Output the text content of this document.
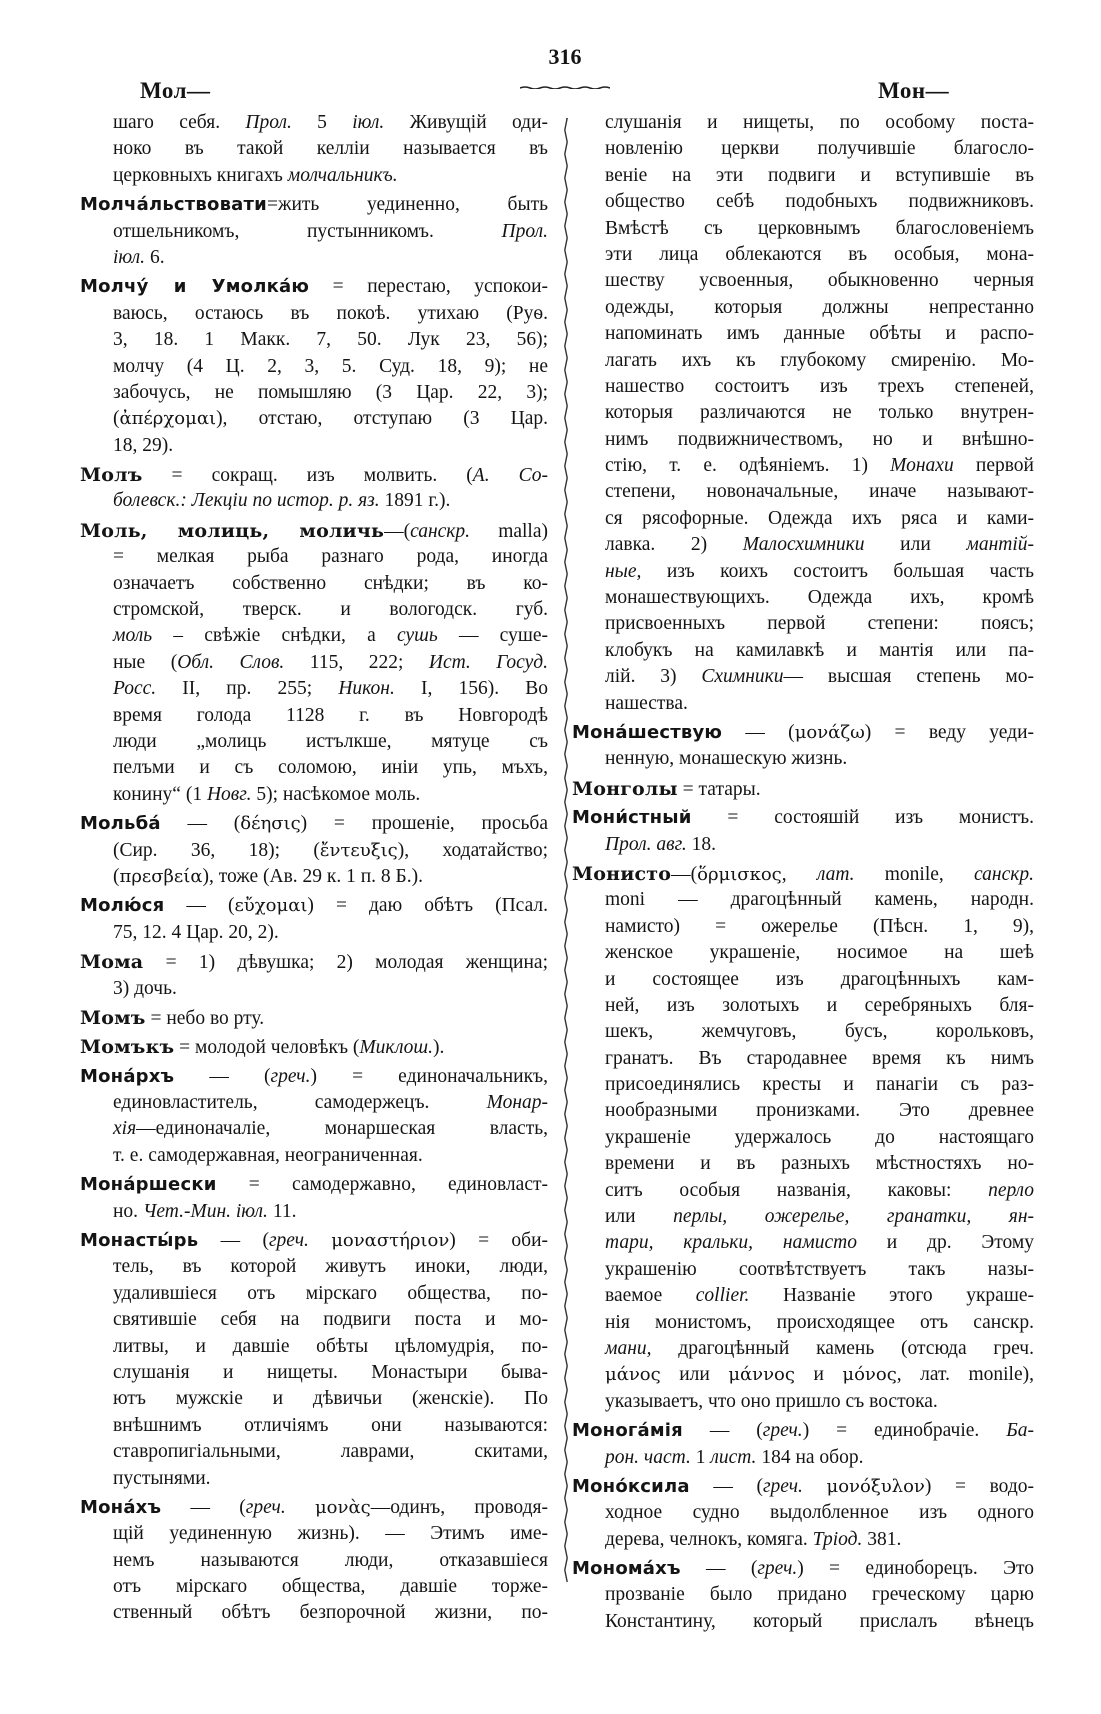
Мол—
316
Мон—
шаго себя. Прол. 5 iюл. Живущiй оди-
ноко въ такой келлiи называется въ
церковныхъ книгахъ молчальникъ.
Молча́льствовати=жить уединенно, быть
отшельникомъ, пустынникомъ. Прол.
iюл. 6.
Молчу́ и Умолка́ю = перестаю, успокои-
ваюсь, остаюсь въ покоѣ. утихаю (Руѳ.
3, 18. 1 Макк. 7, 50. Лук 23, 56);
молчу (4 Ц. 2, 3, 5. Суд. 18, 9); не
забочусь, не помышляю (3 Цар. 22, 3);
(ἀπέρχομαι), отстаю, отступаю (3 Цар.
18, 29).
Молъ = сокращ. изъ молвить. (А. Со-
болевск.: Лекцiи по истор. р. яз. 1891 г.).
Моль, молиць, моличь—(санскр. malla)
= мелкая рыба разнаго рода, иногда
означаетъ собственно снѣдки; въ ко-
стромской, тверск. и вологодск. губ.
моль – свѣжiе снѣдки, а сушь — суше-
ные (Обл. Слов. 115, 222; Ист. Госуд.
Росс. II, пр. 255; Никон. I, 156). Во
время голода 1128 г. въ Новгородѣ
люди „молиць истълкше, мятуце съ
пелъми и съ соломою, инiи упь, мъхъ,
конину“ (1 Новг. 5); насѣкомое моль.
Мольба́ — (δέησις) = прошенiе, просьба
(Сир. 36, 18); (ἔντευξις), ходатайство;
(πρεσβεία), тоже (Ав. 29 к. 1 п. 8 Б.).
Молю́ся — (εὔχομαι) = даю обѣтъ (Псал.
75, 12. 4 Цар. 20, 2).
Мома = 1) дѣвушка; 2) молодая женщина;
3) дочь.
Момъ = небо во рту.
Момъкъ = молодой человѣкъ (Миклош.).
Мона́рхъ — (греч.) = единоначальникъ,
единовластитель, самодержецъ. Монар-
хiя—единоначалiе, монаршеская власть,
т. е. самодержавная, неограниченная.
Мона́ршески = самодержавно, единовласт-
но. Чет.-Мин. iюл. 11.
Монасты́рь — (греч. μοναστήριον) = оби-
тель, въ которой живутъ иноки, люди,
удалившiеся отъ мiрскаго общества, по-
святившiе себя на подвиги поста и мо-
литвы, и давшiе обѣты цѣломудрiя, по-
слушанiя и нищеты. Монастыри быва-
ютъ мужскiе и дѣвичьи (женскiе). По
внѣшнимъ отличiямъ они называются:
ставропигiальными, лаврами, скитами,
пустынями.
Мона́хъ — (греч. μονὰς—одинъ, проводя-
щiй уединенную жизнь). — Этимъ име-
немъ называются люди, отказавшiеся
отъ мiрскаго общества, давшiе торже-
ственный обѣтъ безпорочной жизни, по-
слушанiя и нищеты, по особому поста-
новленiю церкви получившiе благосло-
венiе на эти подвиги и вступившiе въ
общество себѣ подобныхъ подвижниковъ.
Вмѣстѣ съ церковнымъ благословенiемъ
эти лица облекаются въ особыя, мона-
шеству усвоенныя, обыкновенно черныя
одежды, которыя должны непрестанно
напоминать имъ данные обѣты и распо-
лагать ихъ къ глубокому смиренiю. Мо-
нашество состоитъ изъ трехъ степеней,
которыя различаются не только внутрен-
нимъ подвижничествомъ, но и внѣшно-
стiю, т. е. одѣянiемъ. 1) Монахи первой
степени, новоначальные, иначе называют-
ся рясофорные. Одежда ихъ ряса и ками-
лавка. 2) Малосхимники или мантiй-
ные, изъ коихъ состоитъ большая часть
монашествующихъ. Одежда ихъ, кромѣ
присвоенныхъ первой степени: поясъ;
клобукъ на камилавкѣ и мантiя или па-
лiй. 3) Схимники— высшая степень мо-
нашества.
Мона́шествую — (μονάζω) = веду уеди-
ненную, монашескую жизнь.
Монголы = татары.
Мони́стный = состояшiй изъ монистъ.
Прол. авг. 18.
Монисто—(ὅρμισκος, лат. monile, санскр.
moni — драгоцѣнный камень, народн.
намисто) = ожерелье (Пѣсн. 1, 9),
женское украшенiе, носимое на шеѣ
и состоящее изъ драгоцѣнныхъ кам-
ней, изъ золотыхъ и серебряныхъ бля-
шекъ, жемчуговъ, бусъ, корольковъ,
гранатъ. Въ стародавнее время къ нимъ
присоединялись кресты и панагiи съ раз-
нообразными пронизками. Это древнее
украшенiе удержалось до настоящаго
времени и въ разныхъ мѣстностяхъ но-
ситъ особыя названiя, каковы: перло
или перлы, ожерелье, гранатки, ян-
тари, кральки, намисто и др. Этому
украшенiю соотвѣтствуетъ такъ назы-
ваемое collier. Названiе этого украше-
нiя монистомъ, происходящее отъ санскр.
мани, драгоцѣнный камень (отсюда греч.
μάνος или μάννος и μόνος, лат. monile),
указываетъ, что оно пришло съ востока.
Монога́мiя — (греч.) = единобрачiе. Ба-
рон. част. 1 лист. 184 на обор.
Моно́ксила — (греч. μονόξυλον) = водо-
ходное судно выдолбленное изъ одного
дерева, челнокъ, комяга. Трiод. 381.
Монома́хъ — (греч.) = единоборецъ. Это
прозванiе было придано греческому царю
Константину, который прислалъ вѣнецъ
